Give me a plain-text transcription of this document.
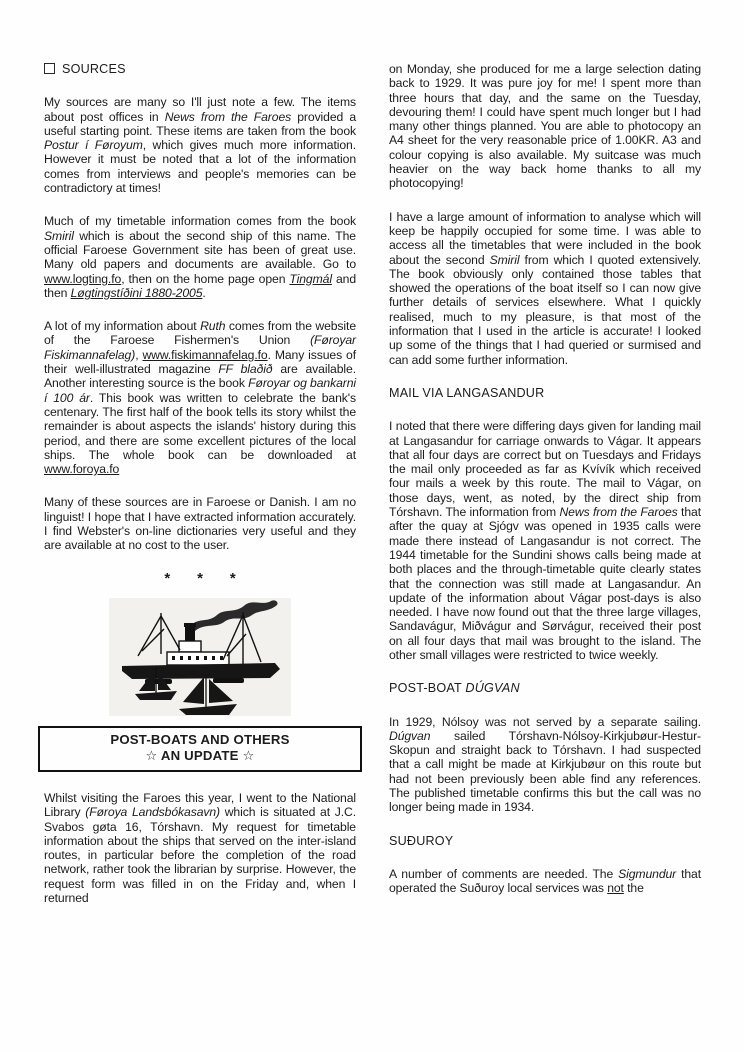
SOURCES

My sources are many so I'll just note a few. The items about post offices in News from the Faroes provided a useful starting point. These items are taken from the book Postur í Føroyum, which gives much more information. However it must be noted that a lot of the information comes from interviews and people's memories can be contradictory at times!

Much of my timetable information comes from the book Smiril which is about the second ship of this name. The official Faroese Government site has been of great use. Many old papers and documents are available. Go to www.logting.fo, then on the home page open Tingmál and then Løgtingstíðini 1880-2005.

A lot of my information about Ruth comes from the website of the Faroese Fishermen's Union (Føroyar Fiskimannafelag), www.fiskimannafelag.fo. Many issues of their well-illustrated magazine FF blaðið are available. Another interesting source is the book Føroyar og bankarni í 100 ár. This book was written to celebrate the bank's centenary. The first half of the book tells its story whilst the remainder is about aspects the islands' history during this period, and there are some excellent pictures of the local ships. The whole book can be downloaded at www.foroya.fo

Many of these sources are in Faroese or Danish. I am no linguist! I hope that I have extracted information accurately. I find Webster's on-line dictionaries very useful and they are available at no cost to the user.

* * *
POST-BOATS AND OTHERS
☆ AN UPDATE ☆

Whilst visiting the Faroes this year, I went to the National Library (Føroya Landsbókasavn) which is situated at J.C. Svabos gøta 16, Tórshavn. My request for timetable information about the ships that served on the inter-island routes, in particular before the completion of the road network, rather took the librarian by surprise. However, the request form was filled in on the Friday and, when I returned

on Monday, she produced for me a large selection dating back to 1929. It was pure joy for me! I spent more than three hours that day, and the same on the Tuesday, devouring them! I could have spent much longer but I had many other things planned. You are able to photocopy an A4 sheet for the very reasonable price of 1.00KR. A3 and colour copying is also available. My suitcase was much heavier on the way back home thanks to all my photocopying!

I have a large amount of information to analyse which will keep be happily occupied for some time. I was able to access all the timetables that were included in the book about the second Smiril from which I quoted extensively. The book obviously only contained those tables that showed the operations of the boat itself so I can now give further details of services elsewhere. What I quickly realised, much to my pleasure, is that most of the information that I used in the article is accurate! I looked up some of the things that I had queried or surmised and can add some further information.

MAIL VIA LANGASANDUR

I noted that there were differing days given for landing mail at Langasandur for carriage onwards to Vágar. It appears that all four days are correct but on Tuesdays and Fridays the mail only proceeded as far as Kvívík which received four mails a week by this route. The mail to Vágar, on those days, went, as noted, by the direct ship from Tórshavn. The information from News from the Faroes that after the quay at Sjógv was opened in 1935 calls were made there instead of Langasandur is not correct. The 1944 timetable for the Sundini shows calls being made at both places and the through-timetable quite clearly states that the connection was still made at Langasandur. An update of the information about Vágar post-days is also needed. I have now found out that the three large villages, Sandavágur, Miðvágur and Sørvágur, received their post on all four days that mail was brought to the island. The other small villages were restricted to twice weekly.

POST-BOAT DÚGVAN

In 1929, Nólsoy was not served by a separate sailing. Dúgvan sailed Tórshavn-Nólsoy-Kirkjubøur-Hestur-Skopun and straight back to Tórshavn. I had suspected that a call might be made at Kirkjubøur on this route but had not been previously been able find any references. The published timetable confirms this but the call was no longer being made in 1934.

SUÐUROY

A number of comments are needed. The Sigmundur that operated the Suðuroy local services was not the
